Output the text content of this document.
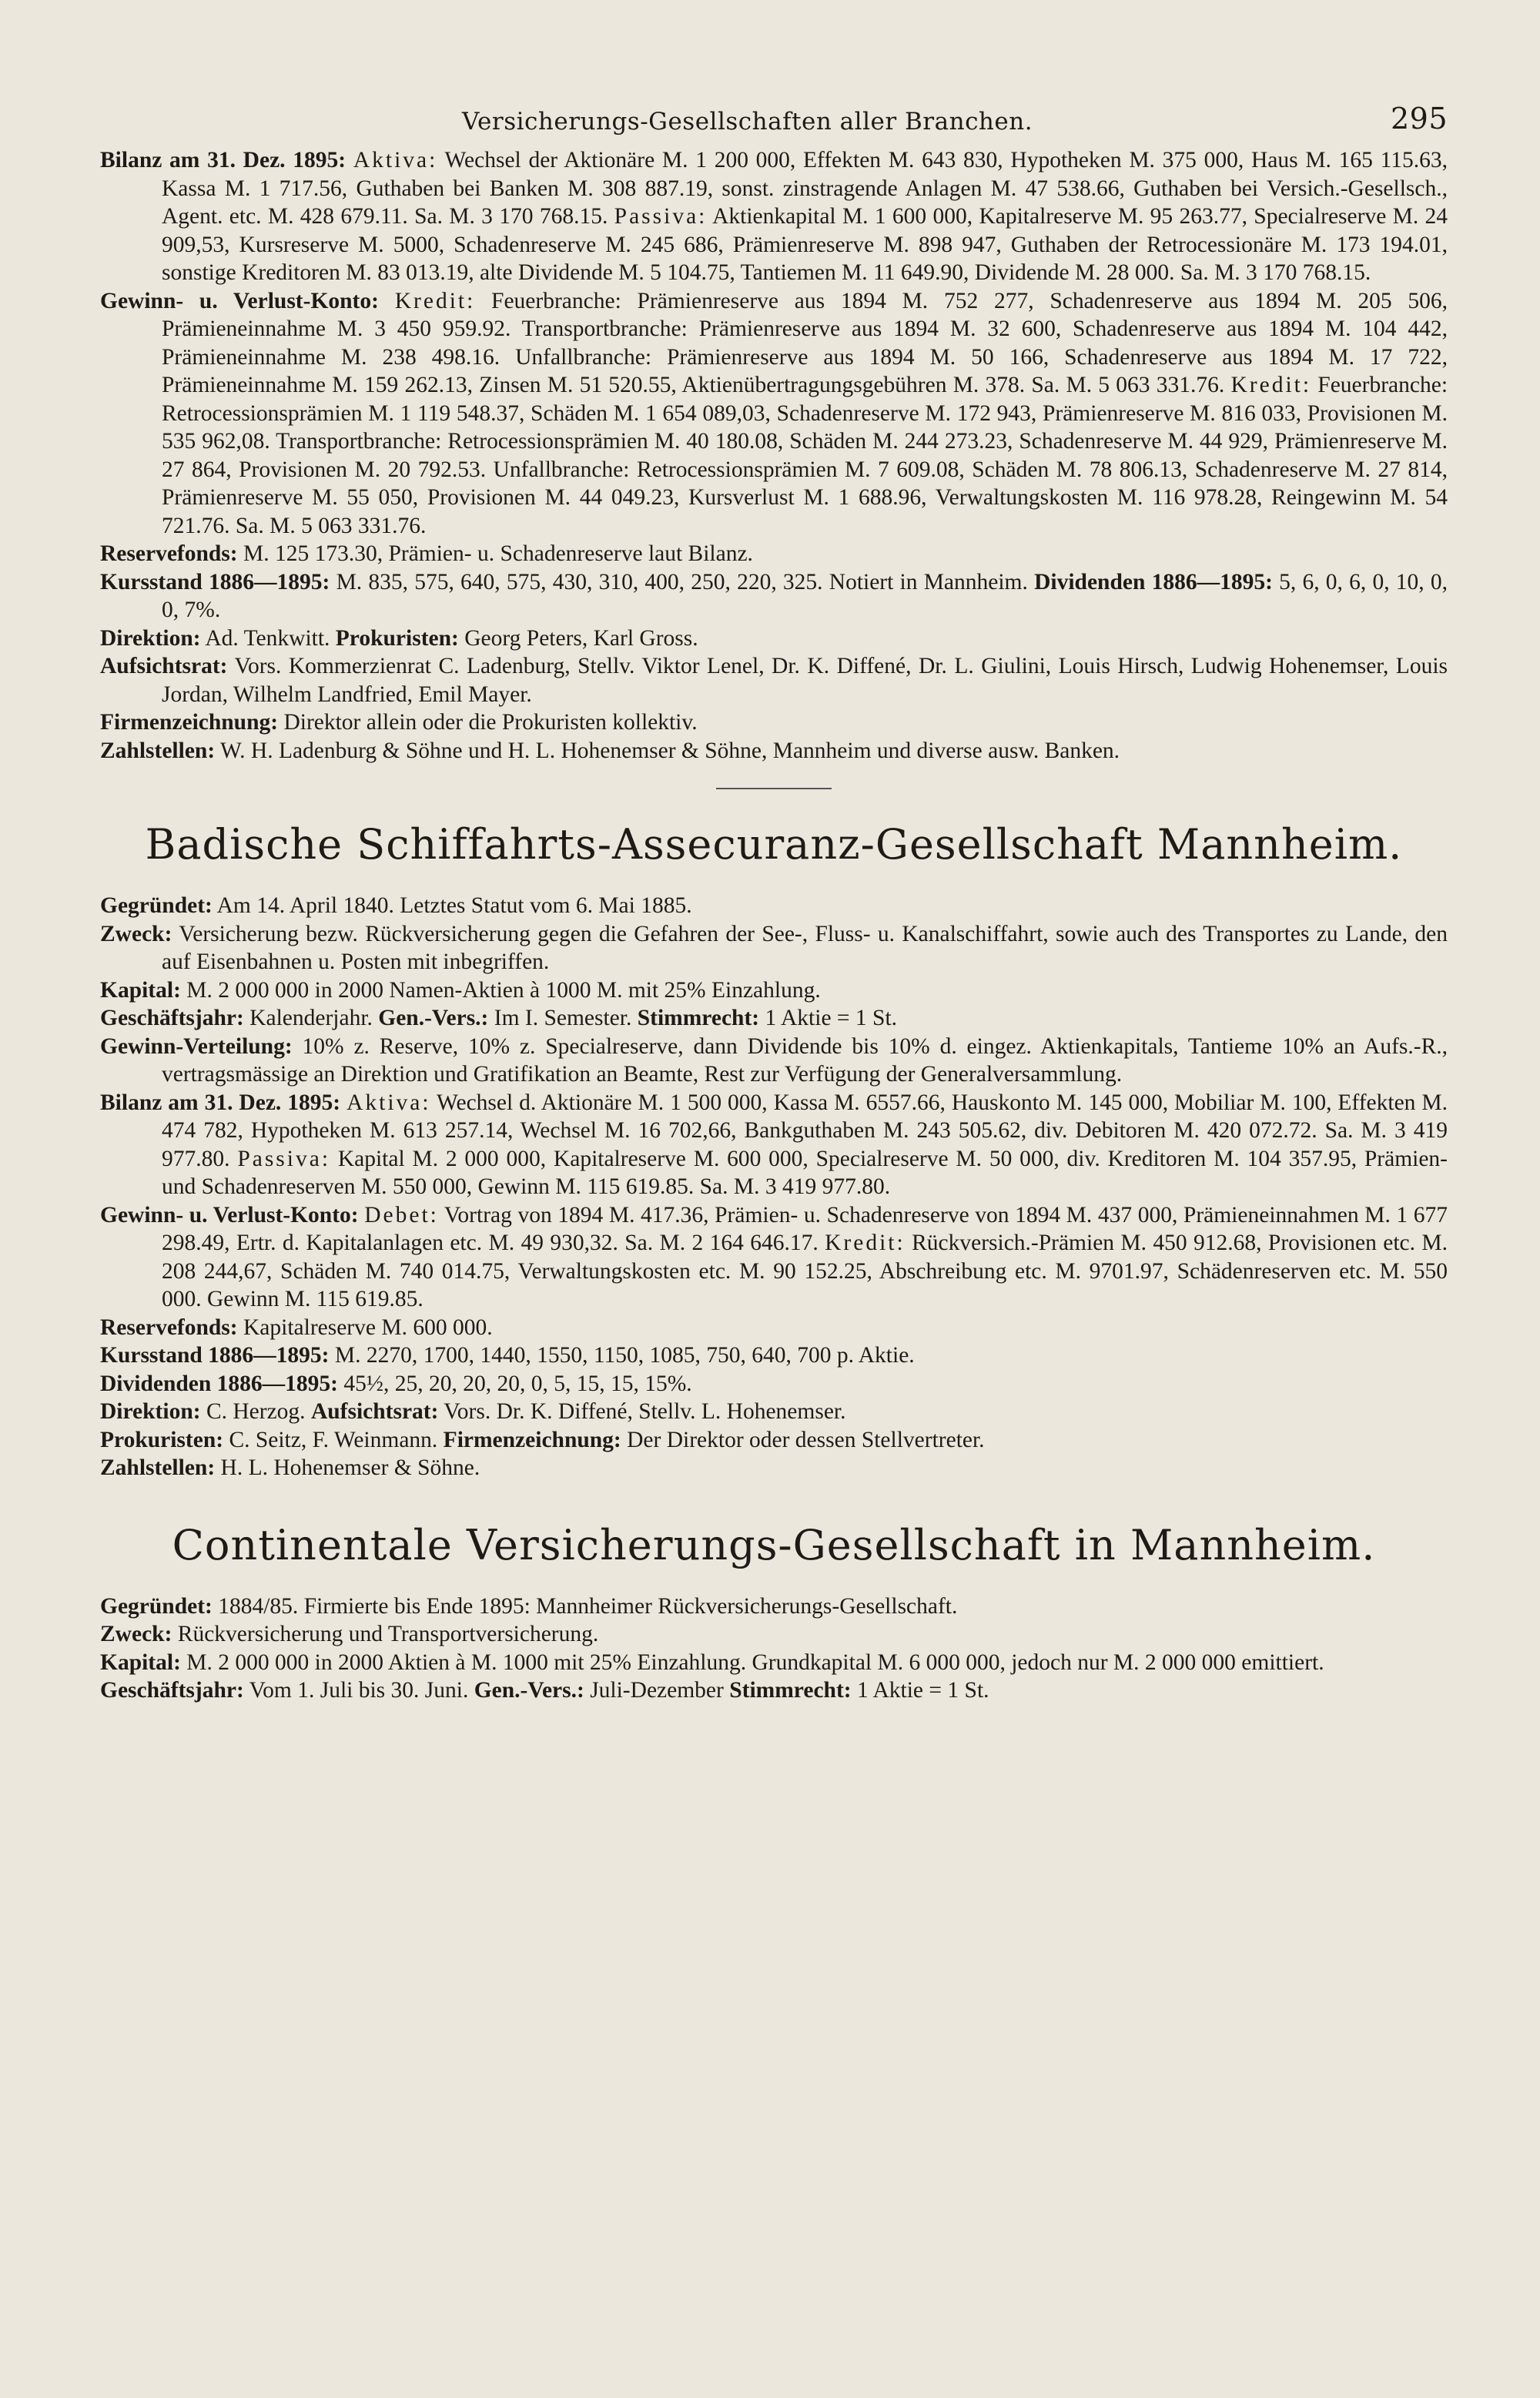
Versicherungs-Gesellschaften aller Branchen.	295

Bilanz am 31. Dez. 1895: Aktiva: Wechsel der Aktionäre M. 1 200 000, Effekten M. 643 830, Hypotheken M. 375 000, Haus M. 165 115.63, Kassa M. 1 717.56, Guthaben bei Banken M. 308 887.19, sonst. zinstragende Anlagen M. 47 538.66, Guthaben bei Versich.-Gesellsch., Agent. etc. M. 428 679.11. Sa. M. 3 170 768.15. Passiva: Aktienkapital M. 1 600 000, Kapitalreserve M. 95 263.77, Specialreserve M. 24 909,53, Kursreserve M. 5000, Schadenreserve M. 245 686, Prämienreserve M. 898 947, Guthaben der Retrocessionäre M. 173 194.01, sonstige Kreditoren M. 83 013.19, alte Dividende M. 5 104.75, Tantiemen M. 11 649.90, Dividende M. 28 000. Sa. M. 3 170 768.15.

Gewinn- u. Verlust-Konto: Kredit: Feuerbranche: Prämienreserve aus 1894 M. 752 277, Schadenreserve aus 1894 M. 205 506, Prämieneinnahme M. 3 450 959.92. Transportbranche: Prämienreserve aus 1894 M. 32 600, Schadenreserve aus 1894 M. 104 442, Prämieneinnahme M. 238 498.16. Unfallbranche: Prämienreserve aus 1894 M. 50 166, Schadenreserve aus 1894 M. 17 722, Prämieneinnahme M. 159 262.13, Zinsen M. 51 520.55, Aktienübertragungsgebühren M. 378. Sa. M. 5 063 331.76. Kredit: Feuerbranche: Retrocessionsprämien M. 1 119 548.37, Schäden M. 1 654 089,03, Schadenreserve M. 172 943, Prämienreserve M. 816 033, Provisionen M. 535 962,08. Transportbranche: Retrocessionsprämien M. 40 180.08, Schäden M. 244 273.23, Schadenreserve M. 44 929, Prämienreserve M. 27 864, Provisionen M. 20 792.53. Unfallbranche: Retrocessionsprämien M. 7 609.08, Schäden M. 78 806.13, Schadenreserve M. 27 814, Prämienreserve M. 55 050, Provisionen M. 44 049.23, Kursverlust M. 1 688.96, Verwaltungskosten M. 116 978.28, Reingewinn M. 54 721.76. Sa. M. 5 063 331.76.

Reservefonds: M. 125 173.30, Prämien- u. Schadenreserve laut Bilanz.

Kursstand 1886—1895: M. 835, 575, 640, 575, 430, 310, 400, 250, 220, 325. Notiert in Mannheim. Dividenden 1886—1895: 5, 6, 0, 6, 0, 10, 0, 0, 7%.

Direktion: Ad. Tenkwitt. Prokuristen: Georg Peters, Karl Gross.

Aufsichtsrat: Vors. Kommerzienrat C. Ladenburg, Stellv. Viktor Lenel, Dr. K. Diffené, Dr. L. Giulini, Louis Hirsch, Ludwig Hohenemser, Louis Jordan, Wilhelm Landfried, Emil Mayer.

Firmenzeichnung: Direktor allein oder die Prokuristen kollektiv.

Zahlstellen: W. H. Ladenburg & Söhne und H. L. Hohenemser & Söhne, Mannheim und diverse ausw. Banken.

Badische Schiffahrts-Assecuranz-Gesellschaft Mannheim.

Gegründet: Am 14. April 1840. Letztes Statut vom 6. Mai 1885.

Zweck: Versicherung bezw. Rückversicherung gegen die Gefahren der See-, Fluss- u. Kanalschiffahrt, sowie auch des Transportes zu Lande, den auf Eisenbahnen u. Posten mit inbegriffen.

Kapital: M. 2 000 000 in 2000 Namen-Aktien à 1000 M. mit 25% Einzahlung.

Geschäftsjahr: Kalenderjahr. Gen.-Vers.: Im I. Semester. Stimmrecht: 1 Aktie = 1 St.

Gewinn-Verteilung: 10% z. Reserve, 10% z. Specialreserve, dann Dividende bis 10% d. eingez. Aktienkapitals, Tantieme 10% an Aufs.-R., vertragsmässige an Direktion und Gratifikation an Beamte, Rest zur Verfügung der Generalversammlung.

Bilanz am 31. Dez. 1895: Aktiva: Wechsel d. Aktionäre M. 1 500 000, Kassa M. 6557.66, Hauskonto M. 145 000, Mobiliar M. 100, Effekten M. 474 782, Hypotheken M. 613 257.14, Wechsel M. 16 702,66, Bankguthaben M. 243 505.62, div. Debitoren M. 420 072.72. Sa. M. 3 419 977.80. Passiva: Kapital M. 2 000 000, Kapitalreserve M. 600 000, Specialreserve M. 50 000, div. Kreditoren M. 104 357.95, Prämien- und Schadenreserven M. 550 000, Gewinn M. 115 619.85. Sa. M. 3 419 977.80.

Gewinn- u. Verlust-Konto: Debet: Vortrag von 1894 M. 417.36, Prämien- u. Schadenreserve von 1894 M. 437 000, Prämieneinnahmen M. 1 677 298.49, Ertr. d. Kapitalanlagen etc. M. 49 930,32. Sa. M. 2 164 646.17. Kredit: Rückversich.-Prämien M. 450 912.68, Provisionen etc. M. 208 244,67, Schäden M. 740 014.75, Verwaltungskosten etc. M. 90 152.25, Abschreibung etc. M. 9701.97, Schädenreserven etc. M. 550 000. Gewinn M. 115 619.85.

Reservefonds: Kapitalreserve M. 600 000.

Kursstand 1886—1895: M. 2270, 1700, 1440, 1550, 1150, 1085, 750, 640, 700 p. Aktie.

Dividenden 1886—1895: 45½, 25, 20, 20, 20, 0, 5, 15, 15, 15%.

Direktion: C. Herzog. Aufsichtsrat: Vors. Dr. K. Diffené, Stellv. L. Hohenemser.

Prokuristen: C. Seitz, F. Weinmann. Firmenzeichnung: Der Direktor oder dessen Stellvertreter.

Zahlstellen: H. L. Hohenemser & Söhne.

Continentale Versicherungs-Gesellschaft in Mannheim.

Gegründet: 1884/85. Firmierte bis Ende 1895: Mannheimer Rückversicherungs-Gesellschaft.

Zweck: Rückversicherung und Transportversicherung.

Kapital: M. 2 000 000 in 2000 Aktien à M. 1000 mit 25% Einzahlung. Grundkapital M. 6 000 000, jedoch nur M. 2 000 000 emittiert.

Geschäftsjahr: Vom 1. Juli bis 30. Juni. Gen.-Vers.: Juli-Dezember Stimmrecht: 1 Aktie = 1 St.
